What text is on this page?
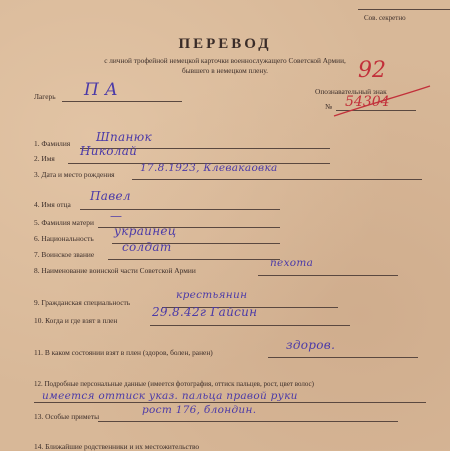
Сов. секретно
ПЕРЕВОД
с личной трофейной немецкой карточки военнослужащего Советской Армии,
бывшего в немецком плену.
Лагерь П А	Опознавательный знак
№ 54304
92
1. Фамилия Шпанюк
2. Имя
Николай
3. Дата и место рождения
17.8.1923, Клевакаовка
4. Имя отца
Павел
5. Фамилия матери —
6. Национальность
украинец
7. Воинское звание
солдат
8. Наименование воинской части Советской Армии
пехота
9. Гражданская специальность
крестьянин
10. Когда и где взят в плен
29.8.42г Гайсин
11. В каком состоянии взят в плен (здоров, болен, ранен)
здоров.
12. Подробные персональные данные (имеется фотография, оттиск пальцев, рост, цвет волос)
имеется оттиск указ. пальца правой руки
13. Особые приметы
рост 176, блондин.
14. Ближайшие родственники и их местожительство
